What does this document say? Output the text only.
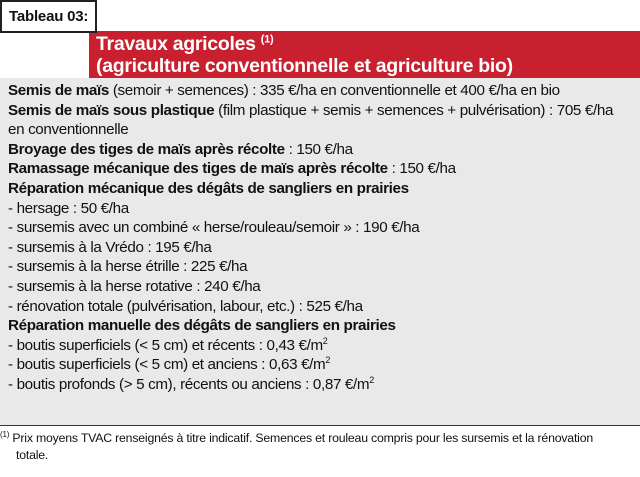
Tableau 03:
Travaux agricoles $^{(1)}$
(agriculture conventionnelle et agriculture bio)
Semis de maïs (semoir + semences) : 335 €/ha en conventionnelle et 400 €/ha en bio
Semis de maïs sous plastique (film plastique + semis + semences + pulvérisation) : 705 €/ha
en conventionnelle
Broyage des tiges de maïs après récolte : 150 €/ha
Ramassage mécanique des tiges de maïs après récolte : 150 €/ha
Réparation mécanique des dégâts de sangliers en prairies
- hersage : 50 €/ha
- sursemis avec un combiné « herse/rouleau/semoir » : 190 €/ha
- sursemis à la Vrédo : 195 €/ha
- sursemis à la herse étrille : 225 €/ha
- sursemis à la herse rotative : 240 €/ha
- rénovation totale (pulvérisation, labour, etc.) : 525 €/ha
Réparation manuelle des dégâts de sangliers en prairies
- boutis superficiels (< 5 cm) et récents : 0,43 $€/m^2$
- boutis superficiels (< 5 cm) et anciens : 0,63 $€/m^2$
- boutis profonds (> 5 cm), récents ou anciens : 0,87 $€/m^2$
$^{(1)}$ Prix moyens TVAC renseignés à titre indicatif. Semences et rouleau compris pour les sursemis et la rénovation
totale.
